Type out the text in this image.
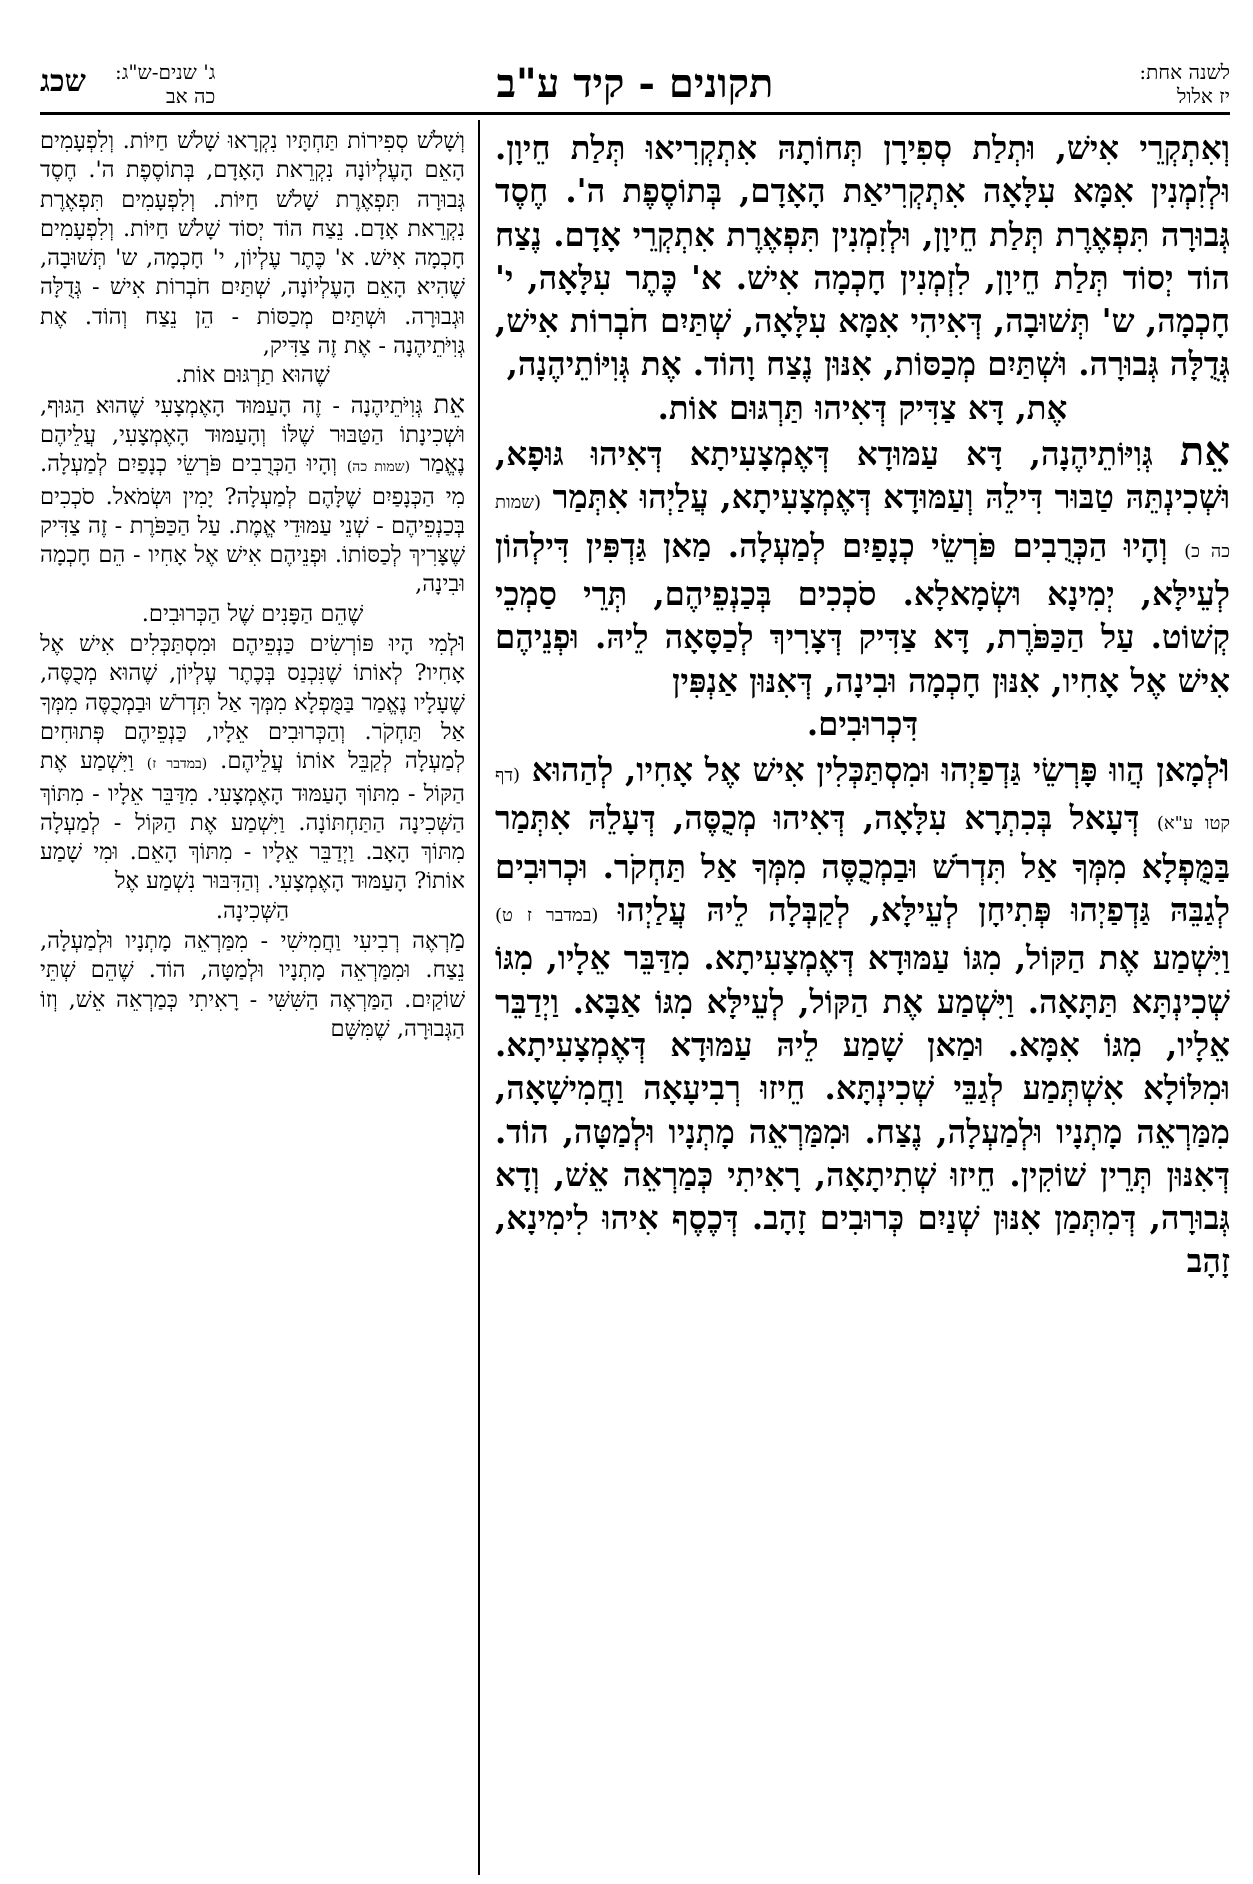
לשנה אחת:
יז אלול
תקונים - קיד ע"ב
ג' שנים-ש"ג:
כה אב
שכג

וְאִתְקְרֵי אִישׁ, וּתְלַת סְפִירָן תְּחוֹתָהּ אִתְקְרִיאוּ תְּלַת חֵיוָן. וּלְזִמְנִין אִמָּא עִלָּאָה אִתְקְרִיאַת הָאָדָם, בְּתוֹסֶפֶת ה'. חֶסֶד גְּבוּרָה תִּפְאֶרֶת תְּלַת חֵיוָן, וּלְזִמְנִין תִּפְאֶרֶת אִתְקְרֵי אָדָם. נֶצַח הוֹד יְסוֹד תְּלַת חֵיוָן, לִזְמְנִין חָכְמָה אִישׁ. א' כֶּתֶר עִלָּאָה, י' חָכְמָה, ש' תְּשׁוּבָה, דְּאִיהִי אִמָּא עִלָּאָה, שְׁתַּיִם חֹבְרוֹת אִישׁ, גְּדֻלָּה גְּבוּרָה. וּשְׁתַּיִם מְכַסּוֹת, אִנּוּן נֶצַח וָהוֹד. אֶת גְּוִיּוֹתֵיהֶנָה,

אֶת, דָּא צַדִּיק דְּאִיהוּ תַּרְגּוּם אוֹת.

אֵת גְּוִיּוֹתֵיהֶנָה, דָּא עַמּוּדָא דְּאֶמְצָעִיתָא דְּאִיהוּ גּוּפָא, וּשְׁכִינְתֵּהּ טַבּוּר דִּילֵהּ וְעַמּוּדָא דְּאֶמְצָעִיתָא, עֲלַיְהוּ אִתְּמַר (שמות כה כ) וְהָיוּ הַכְּרֻבִים פֹּרְשֵׂי כְנָפַיִם לְמַעְלָה. מַאן גַּדְפִּין דִּילְהוֹן לְעֵילָּא, יְמִינָא וּשְׂמָאלָא. סֹכְכִים בְּכַנְפֵיהֶם, תְּרֵי סַמְכֵי קְשׁוֹט. עַל הַכַּפֹּרֶת, דָּא צַדִּיק דְּצָרִיךְ לְכַסָּאָה לֵיהּ. וּפְנֵיהֶם אִישׁ אֶל אָחִיו, אִנּוּן חָכְמָה וּבִינָה, דְּאִנּוּן אַנְפִּין

דִּכְרוּבִים.

וּלְמָאן הֲווּ פָּרְשֵׂי גַּדְפַיְהוּ וּמִסְתַּכְּלִין אִישׁ אֶל אָחִיו, לְהַהוּא (דף קטו ע"א) דְּעָאל בְּכִתְרָא עִלָּאָה, דְּאִיהוּ מְכֻסֶּה, דְּעָלֵהּ אִתְּמַר בַּמֻּפְלָא מִמְּךָ אַל תִּדְרֹשׁ וּבַמְכֻסֶּה מִמְּךָ אַל תַּחְקֹר. וּכְרוּבִים לְגַבֵּהּ גַּדְפַיְהוּ פְּתִיחָן לְעֵילָּא, לְקַבְּלָה לֵיהּ עֲלַיְהוּ (במדבר ז ט) וַיִּשְׁמַע אֶת הַקּוֹל, מִגּוֹ עַמּוּדָא דְּאֶמְצָעִיתָא. מִדַּבֵּר אֵלָיו, מִגּוֹ שְׁכִינְתָּא תַּתָּאָה. וַיִּשְׁמַע אֶת הַקּוֹל, לְעֵילָּא מִגּוֹ אַבָּא. וַיְדַבֵּר אֵלָיו, מִגּוֹ אִמָּא. וּמַאן שָׁמַע לֵיהּ עַמּוּדָא דְּאֶמְצָעִיתָא. וּמִלּוֹלָא אִשְׁתְּמַע לְגַבֵּי שְׁכִינְתָּא. חֵיזוּ רְבִיעָאָה וַחֲמִישָׁאָה, מִמַּרְאֵה מָתְנָיו וּלְמַעְלָה, נֶצַח. וּמִמַּרְאֵה מָתְנָיו וּלְמַטָּה, הוֹד. דְּאִנּוּן תְּרֵין שׁוֹקִין. חֵיזוּ שְׁתִיתָאָה, רָאִיתִי כְּמַרְאֵה אֵשׁ, וְדָא גְּבוּרָה, דְּמִתְּמַן אִנּוּן שְׁנַיִם כְּרוּבִים זָהָב. דְּכֶסֶף אִיהוּ לִימִינָא, זָהָב

וְשָׁלֹשׁ סְפִירוֹת תַּחְתָּיו נִקְרָאוּ שָׁלֹשׁ חַיּוֹת. וְלִפְעָמִים הָאֵם הָעֶלְיוֹנָה נִקְרֵאת הָאָדָם, בְּתוֹסֶפֶת ה'. חֶסֶד גְּבוּרָה תִּפְאֶרֶת שָׁלֹשׁ חַיּוֹת. וְלִפְעָמִים תִּפְאֶרֶת נִקְרֵאת אָדָם. נֵצַח הוֹד יְסוֹד שָׁלֹשׁ חַיּוֹת. וְלִפְעָמִים חָכְמָה אִישׁ. א' כֶּתֶר עֶלְיוֹן, י' חָכְמָה, ש' תְּשׁוּבָה, שֶׁהִיא הָאֵם הָעֶלְיוֹנָה, שְׁתַּיִם חֹבְרוֹת אִישׁ - גְּדֻלָּה וּגְבוּרָה. וּשְׁתַּיִם מְכַסּוֹת - הֵן נֵצַח וְהוֹד. אֶת גְּוִיֹּתֵיהֶנָה - אֶת זֶה צַדִּיק,

שֶׁהוּא תַרְגּוּם אוֹת.

אֵת גְּוִיֹּתֵיהֶנָה - זֶה הָעַמּוּד הָאֶמְצָעִי שֶׁהוּא הַגּוּף, וּשְׁכִינָתוֹ הַטַּבּוּר שֶׁלּוֹ וְהָעַמּוּד הָאֶמְצָעִי, עֲלֵיהֶם נֶאֱמַר (שמות כה) וְהָיוּ הַכְּרֻבִים פֹּרְשֵׂי כְנָפַיִם לְמַעְלָה. מִי הַכְּנָפַיִם שֶׁלָּהֶם לְמַעְלָה? יָמִין וּשְׂמֹאל. סֹכְכִים בְּכַנְפֵיהֶם - שְׁנֵי עַמּוּדֵי אֱמֶת. עַל הַכַּפֹּרֶת - זֶה צַדִּיק שֶׁצָּרִיךְ לְכַסּוֹתוֹ. וּפְנֵיהֶם אִישׁ אֶל אָחִיו - הֵם חָכְמָה וּבִינָה,

שֶׁהֵם הַפָּנִים שֶׁל הַכְּרוּבִים.

וּלְמִי הָיוּ פּוֹרְשִׂים כַּנְפֵיהֶם וּמִסְתַּכְּלִים אִישׁ אֶל אָחִיו? לְאוֹתוֹ שֶׁנִּכְנַס בְּכֶתֶר עֶלְיוֹן, שֶׁהוּא מְכֻסֶּה, שֶׁעָלָיו נֶאֱמַר בַּמֻּפְלָא מִמְּךָ אַל תִּדְרֹשׁ וּבַמְכֻסֶּה מִמְּךָ אַל תַּחְקֹר. וְהַכְּרוּבִים אֵלָיו, כַּנְפֵיהֶם פְּתוּחִים לְמַעְלָה לְקַבֵּל אוֹתוֹ עֲלֵיהֶם. (במדבר ז) וַיִּשְׁמַע אֶת הַקּוֹל - מִתּוֹךְ הָעַמּוּד הָאֶמְצָעִי. מִדַּבֵּר אֵלָיו - מִתּוֹךְ הַשְּׁכִינָה הַתַּחְתּוֹנָה. וַיִּשְׁמַע אֶת הַקּוֹל - לְמַעְלָה מִתּוֹךְ הָאָב. וַיְדַבֵּר אֵלָיו - מִתּוֹךְ הָאֵם. וּמִי שָׁמַע אוֹתוֹ? הָעַמּוּד הָאֶמְצָעִי. וְהַדִּבּוּר נִשְׁמַע אֶל

הַשְּׁכִינָה.

מַרְאֶה רְבִיעִי וַחֲמִישִׁי - מִמַּרְאֵה מָתְנָיו וּלְמַעְלָה, נֵצַח. וּמִמַּרְאֵה מָתְנָיו וּלְמַטָּה, הוֹד. שֶׁהֵם שְׁתֵּי שׁוֹקַיִם. הַמַּרְאֶה הַשִּׁשִּׁי - רָאִיתִי כְּמַרְאֵה אֵשׁ, וְזוֹ הַגְּבוּרָה, שֶׁמִּשָּׁם
